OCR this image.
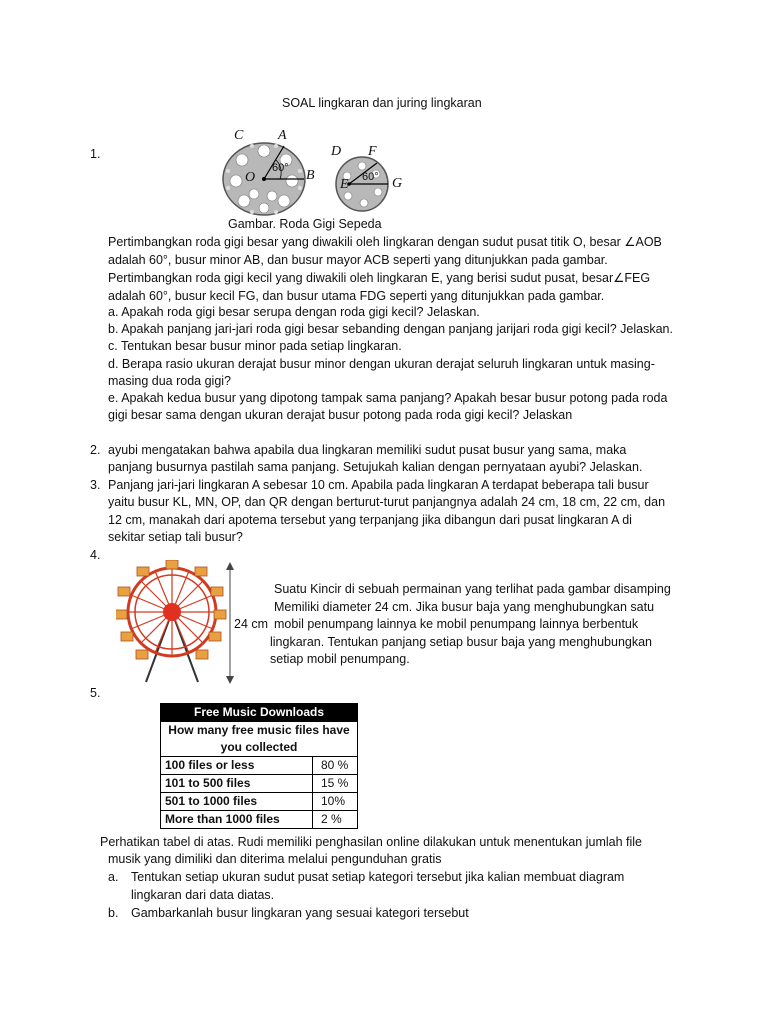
SOAL lingkaran dan juring lingkaran
1.
C A
O
60° B
D F
E 60° G
Gambar. Roda Gigi Sepeda
Pertimbangkan roda gigi besar yang diwakili oleh lingkaran dengan sudut pusat titik O, besar ∠AOB
adalah 60°, busur minor AB, dan busur mayor ACB seperti yang ditunjukkan pada gambar.
Pertimbangkan roda gigi kecil yang diwakili oleh lingkaran E, yang berisi sudut pusat, besar∠FEG
adalah 60°, busur kecil FG, dan busur utama FDG seperti yang ditunjukkan pada gambar.
a. Apakah roda gigi besar serupa dengan roda gigi kecil? Jelaskan.
b. Apakah panjang jari-jari roda gigi besar sebanding dengan panjang jarijari roda gigi kecil? Jelaskan.
c. Tentukan besar busur minor pada setiap lingkaran.
d. Berapa rasio ukuran derajat busur minor dengan ukuran derajat seluruh lingkaran untuk masing-
masing dua roda gigi?
e. Apakah kedua busur yang dipotong tampak sama panjang? Apakah besar busur potong pada roda
gigi besar sama dengan ukuran derajat busur potong pada roda gigi kecil? Jelaskan
2. ayubi mengatakan bahwa apabila dua lingkaran memiliki sudut pusat busur yang sama, maka
panjang busurnya pastilah sama panjang. Setujukah kalian dengan pernyataan ayubi? Jelaskan.
3. Panjang jari-jari lingkaran A sebesar 10 cm. Apabila pada lingkaran A terdapat beberapa tali busur
yaitu busur KL, MN, OP, dan QR dengan berturut-turut panjangnya adalah 24 cm, 18 cm, 22 cm, dan
12 cm, manakah dari apotema tersebut yang terpanjang jika dibangun dari pusat lingkaran A di
sekitar setiap tali busur?
4.
24 cm
Suatu Kincir di sebuah permainan yang terlihat pada gambar disamping
Memiliki diameter 24 cm. Jika busur baja yang menghubungkan satu
mobil penumpang lainnya ke mobil penumpang lainnya berbentuk
lingkaran. Tentukan panjang setiap busur baja yang menghubungkan
setiap mobil penumpang.
5.
Free Music Downloads	
How many free music files have
you collected	
100 files or less	80 %
101 to 500 files	15 %
501 to 1000 files	10%
More than 1000 files	2 %
Perhatikan tabel di atas. Rudi memiliki penghasilan online dilakukan untuk menentukan jumlah file
musik yang dimiliki dan diterima melalui pengunduhan gratis
a. Tentukan setiap ukuran sudut pusat setiap kategori tersebut jika kalian membuat diagram
lingkaran dari data diatas.
b. Gambarkanlah busur lingkaran yang sesuai kategori tersebut
